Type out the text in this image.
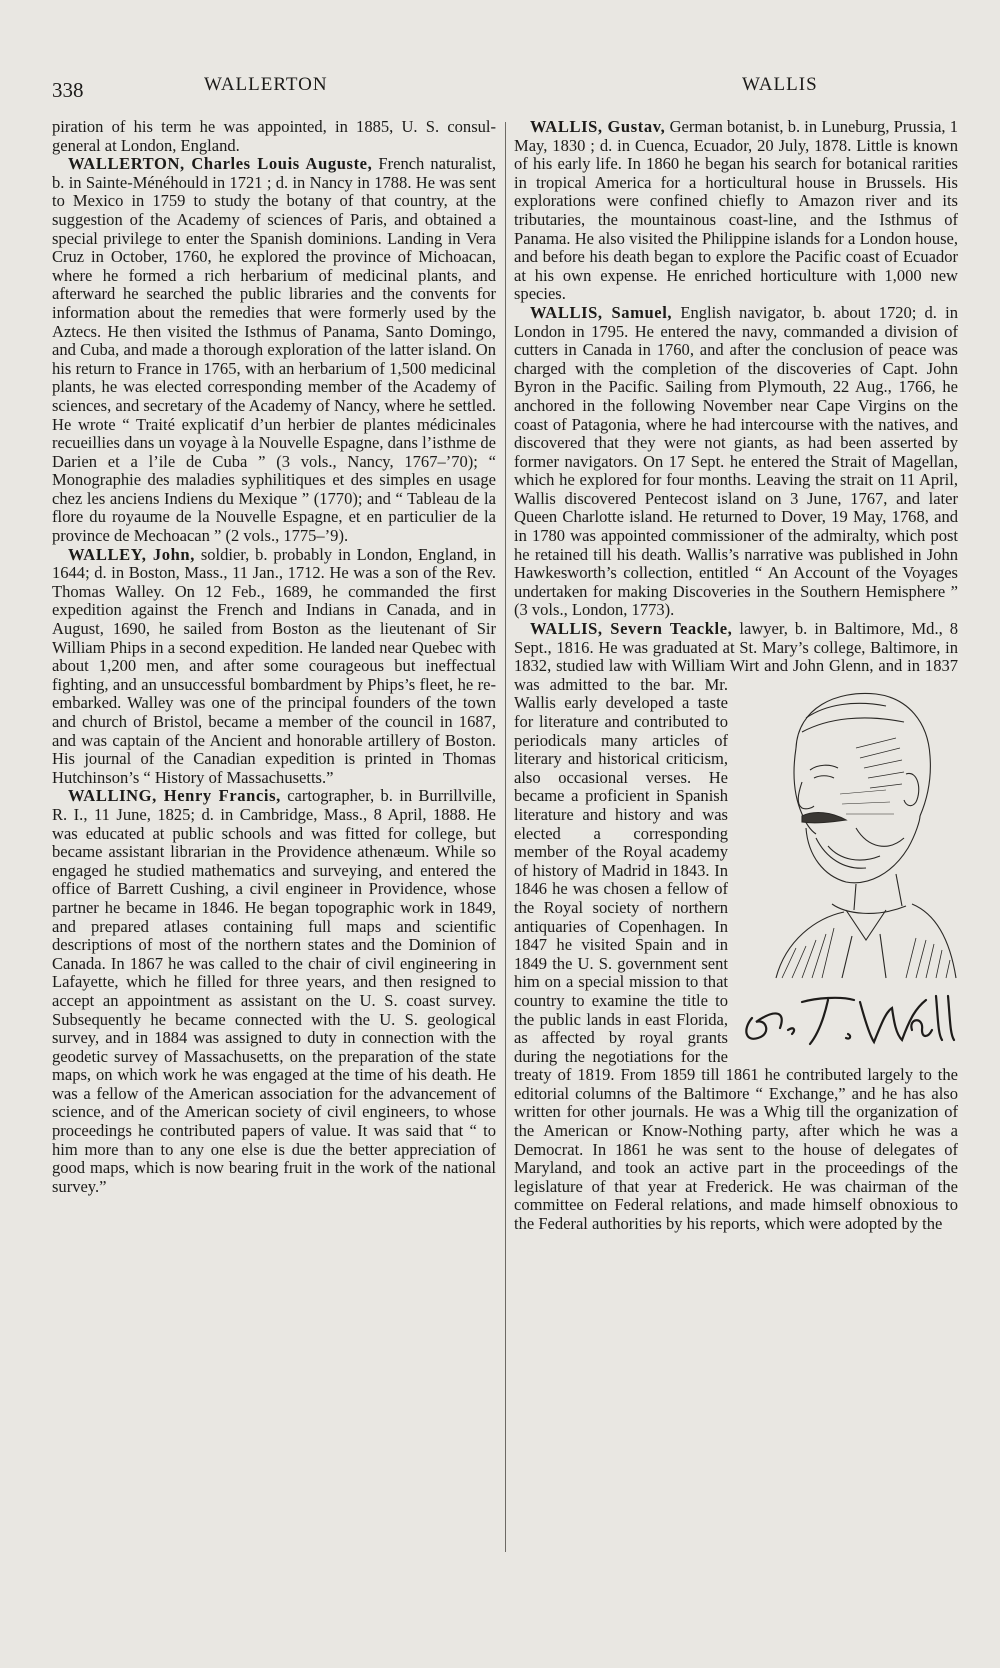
338	WALLERTON	WALLIS

piration of his term he was appointed, in 1885, U. S. consul-general at London, England.

WALLERTON, Charles Louis Auguste, French naturalist, b. in Sainte-Ménéhould in 1721 ; d. in Nancy in 1788. He was sent to Mexico in 1759 to study the botany of that country, at the suggestion of the Academy of sciences of Paris, and obtained a special privilege to enter the Spanish dominions. Landing in Vera Cruz in October, 1760, he explored the province of Michoacan, where he formed a rich herbarium of medicinal plants, and afterward he searched the public libraries and the convents for information about the remedies that were formerly used by the Aztecs. He then visited the Isthmus of Panama, Santo Domingo, and Cuba, and made a thorough exploration of the latter island. On his return to France in 1765, with an herbarium of 1,500 medicinal plants, he was elected corresponding member of the Academy of sciences, and secretary of the Academy of Nancy, where he settled. He wrote “ Traité explicatif d’un herbier de plantes médicinales recueillies dans un voyage à la Nouvelle Espagne, dans l’isthme de Darien et a l’ile de Cuba ” (3 vols., Nancy, 1767–’70); “ Monographie des maladies syphilitiques et des simples en usage chez les anciens Indiens du Mexique ” (1770); and “ Tableau de la flore du royaume de la Nouvelle Espagne, et en particulier de la province de Mechoacan ” (2 vols., 1775–’9).

WALLEY, John, soldier, b. probably in London, England, in 1644; d. in Boston, Mass., 11 Jan., 1712. He was a son of the Rev. Thomas Walley. On 12 Feb., 1689, he commanded the first expedition against the French and Indians in Canada, and in August, 1690, he sailed from Boston as the lieutenant of Sir William Phips in a second expedition. He landed near Quebec with about 1,200 men, and after some courageous but ineffectual fighting, and an unsuccessful bombardment by Phips’s fleet, he re-embarked. Walley was one of the principal founders of the town and church of Bristol, became a member of the council in 1687, and was captain of the Ancient and honorable artillery of Boston. His journal of the Canadian expedition is printed in Thomas Hutchinson’s “ History of Massachusetts.”

WALLING, Henry Francis, cartographer, b. in Burrillville, R. I., 11 June, 1825; d. in Cambridge, Mass., 8 April, 1888. He was educated at public schools and was fitted for college, but became assistant librarian in the Providence athenæum. While so engaged he studied mathematics and surveying, and entered the office of Barrett Cushing, a civil engineer in Providence, whose partner he became in 1846. He began topographic work in 1849, and prepared atlases containing full maps and scientific descriptions of most of the northern states and the Dominion of Canada. In 1867 he was called to the chair of civil engineering in Lafayette, which he filled for three years, and then resigned to accept an appointment as assistant on the U. S. coast survey. Subsequently he became connected with the U. S. geological survey, and in 1884 was assigned to duty in connection with the geodetic survey of Massachusetts, on the preparation of the state maps, on which work he was engaged at the time of his death. He was a fellow of the American association for the advancement of science, and of the American society of civil engineers, to whose proceedings he contributed papers of value. It was said that “ to him more than to any one else is due the better appreciation of good maps, which is now bearing fruit in the work of the national survey.”

WALLIS, Gustav, German botanist, b. in Luneburg, Prussia, 1 May, 1830 ; d. in Cuenca, Ecuador, 20 July, 1878. Little is known of his early life. In 1860 he began his search for botanical rarities in tropical America for a horticultural house in Brussels. His explorations were confined chiefly to Amazon river and its tributaries, the mountainous coast-line, and the Isthmus of Panama. He also visited the Philippine islands for a London house, and before his death began to explore the Pacific coast of Ecuador at his own expense. He enriched horticulture with 1,000 new species.

WALLIS, Samuel, English navigator, b. about 1720; d. in London in 1795. He entered the navy, commanded a division of cutters in Canada in 1760, and after the conclusion of peace was charged with the completion of the discoveries of Capt. John Byron in the Pacific. Sailing from Plymouth, 22 Aug., 1766, he anchored in the following November near Cape Virgins on the coast of Patagonia, where he had intercourse with the natives, and discovered that they were not giants, as had been asserted by former navigators. On 17 Sept. he entered the Strait of Magellan, which he explored for four months. Leaving the strait on 11 April, Wallis discovered Pentecost island on 3 June, 1767, and later Queen Charlotte island. He returned to Dover, 19 May, 1768, and in 1780 was appointed commissioner of the admiralty, which post he retained till his death. Wallis’s narrative was published in John Hawkesworth’s collection, entitled “ An Account of the Voyages undertaken for making Discoveries in the Southern Hemisphere ” (3 vols., London, 1773).

WALLIS, Severn Teackle, lawyer, b. in Baltimore, Md., 8 Sept., 1816. He was graduated at St. Mary’s college, Baltimore, in 1832, studied law with William Wirt and John Glenn, and in 1837
S. T. Wallis
was admitted to the bar. Mr. Wallis early developed a taste for literature and contributed to periodicals many articles of literary and historical criticism, also occasional verses. He became a proficient in Spanish literature and history and was elected a corresponding member of the Royal academy of history of Madrid in 1843. In 1846 he was chosen a fellow of the Royal society of northern antiquaries of Copenhagen. In 1847 he visited Spain and in 1849 the U. S. government sent him on a special mission to that country to examine the title to the public lands in east Florida, as affected by royal grants during the negotiations for the treaty of 1819. From 1859 till 1861 he contributed largely to the editorial columns of the Baltimore “ Exchange,” and he has also written for other journals. He was a Whig till the organization of the American or Know-Nothing party, after which he was a Democrat. In 1861 he was sent to the house of delegates of Maryland, and took an active part in the proceedings of the legislature of that year at Frederick. He was chairman of the committee on Federal relations, and made himself obnoxious to the Federal authorities by his reports, which were adopted by the
